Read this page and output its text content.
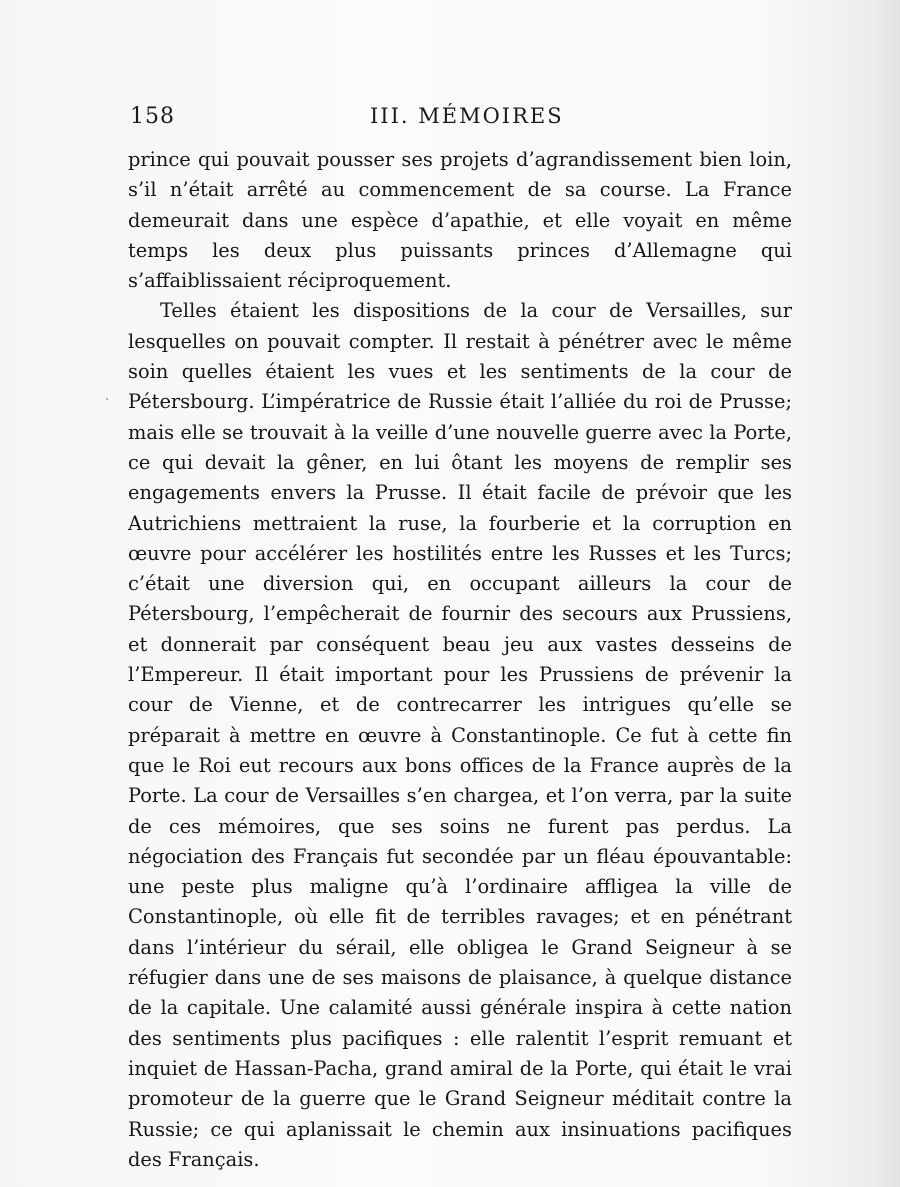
158	III. MÉMOIRES

prince qui pouvait pousser ses projets d’agrandissement bien loin, s’il n’était arrêté au commencement de sa course. La France demeurait dans une espèce d’apathie, et elle voyait en même temps les deux plus puissants princes d’Allemagne qui s’affaiblissaient réciproquement.

Telles étaient les dispositions de la cour de Versailles, sur lesquelles on pouvait compter. Il restait à pénétrer avec le même soin quelles étaient les vues et les sentiments de la cour de Pétersbourg. L’impératrice de Russie était l’alliée du roi de Prusse; mais elle se trouvait à la veille d’une nouvelle guerre avec la Porte, ce qui devait la gêner, en lui ôtant les moyens de remplir ses engagements envers la Prusse. Il était facile de prévoir que les Autrichiens mettraient la ruse, la fourberie et la corruption en œuvre pour accélérer les hostilités entre les Russes et les Turcs; c’était une diversion qui, en occupant ailleurs la cour de Pétersbourg, l’empêcherait de fournir des secours aux Prussiens, et donnerait par conséquent beau jeu aux vastes desseins de l’Empereur. Il était important pour les Prussiens de prévenir la cour de Vienne, et de contrecarrer les intrigues qu’elle se préparait à mettre en œuvre à Constantinople. Ce fut à cette fin que le Roi eut recours aux bons offices de la France auprès de la Porte. La cour de Versailles s’en chargea, et l’on verra, par la suite de ces mémoires, que ses soins ne furent pas perdus. La négociation des Français fut secondée par un fléau épouvantable: une peste plus maligne qu’à l’ordinaire affligea la ville de Constantinople, où elle fit de terribles ravages; et en pénétrant dans l’intérieur du sérail, elle obligea le Grand Seigneur à se réfugier dans une de ses maisons de plaisance, à quelque distance de la capitale. Une calamité aussi générale inspira à cette nation des sentiments plus pacifiques : elle ralentit l’esprit remuant et inquiet de Hassan-Pacha, grand amiral de la Porte, qui était le vrai promoteur de la guerre que le Grand Seigneur méditait contre la Russie; ce qui aplanissait le chemin aux insinuations pacifiques des Français.
